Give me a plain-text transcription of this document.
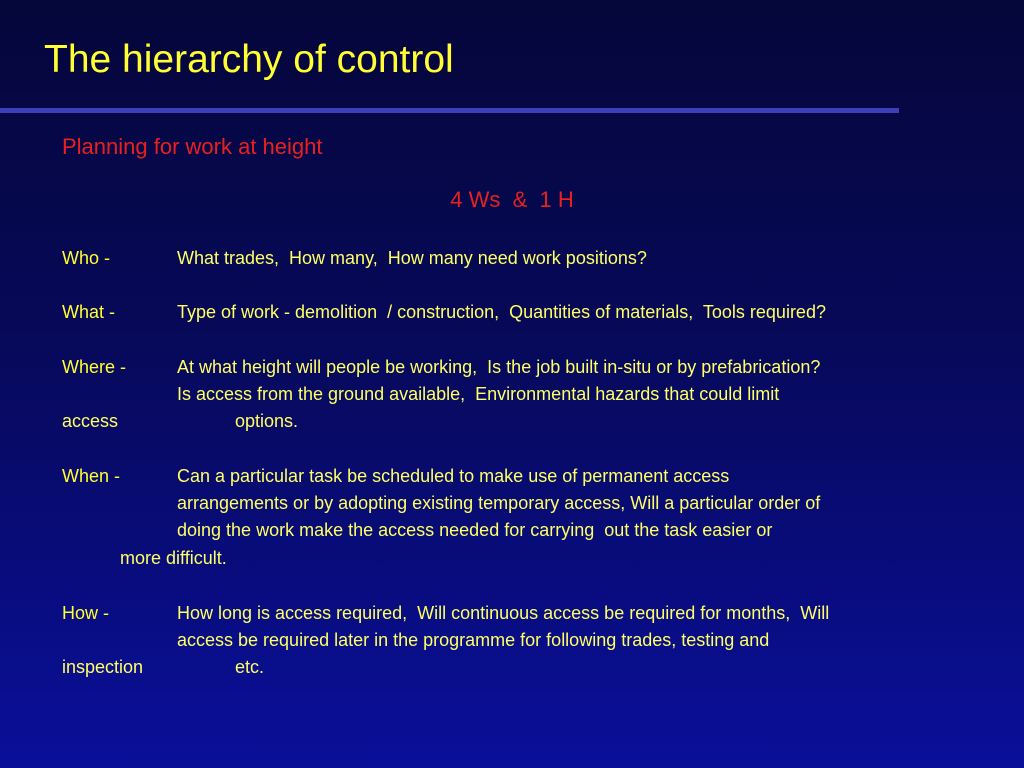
The hierarchy of control
Planning for work at height
4 Ws  &  1 H
Who -	What trades,  How many,  How many need work positions?
What -	Type of work - demolition  / construction,  Quantities of materials,  Tools required?
Where -	At what height will people be working,  Is the job built in-situ or by prefabrication?
Is access from the ground available,  Environmental hazards that could limit
access	options.
When -	Can a particular task be scheduled to make use of permanent access
arrangements or by adopting existing temporary access, Will a particular order of
doing the work make the access needed for carrying  out the task easier or
more difficult.
How -	How long is access required,  Will continuous access be required for months,  Will
access be required later in the programme for following trades, testing and
inspection	etc.
